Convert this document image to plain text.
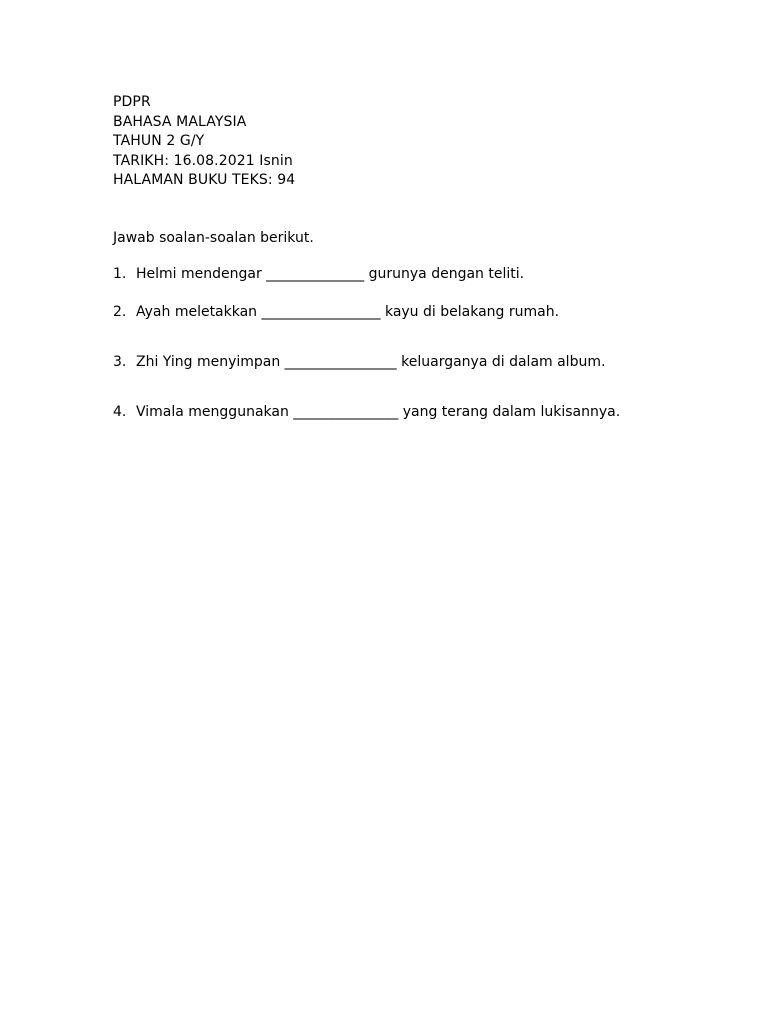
PDPR
BAHASA MALAYSIA
TAHUN 2 G/Y
TARIKH: 16.08.2021 Isnin
HALAMAN BUKU TEKS: 94
Jawab soalan-soalan berikut.
1. Helmi mendengar ______________ gurunya dengan teliti.
2. Ayah meletakkan _________________ kayu di belakang rumah.
3. Zhi Ying menyimpan ________________ keluarganya di dalam album.
4. Vimala menggunakan _______________ yang terang dalam lukisannya.
